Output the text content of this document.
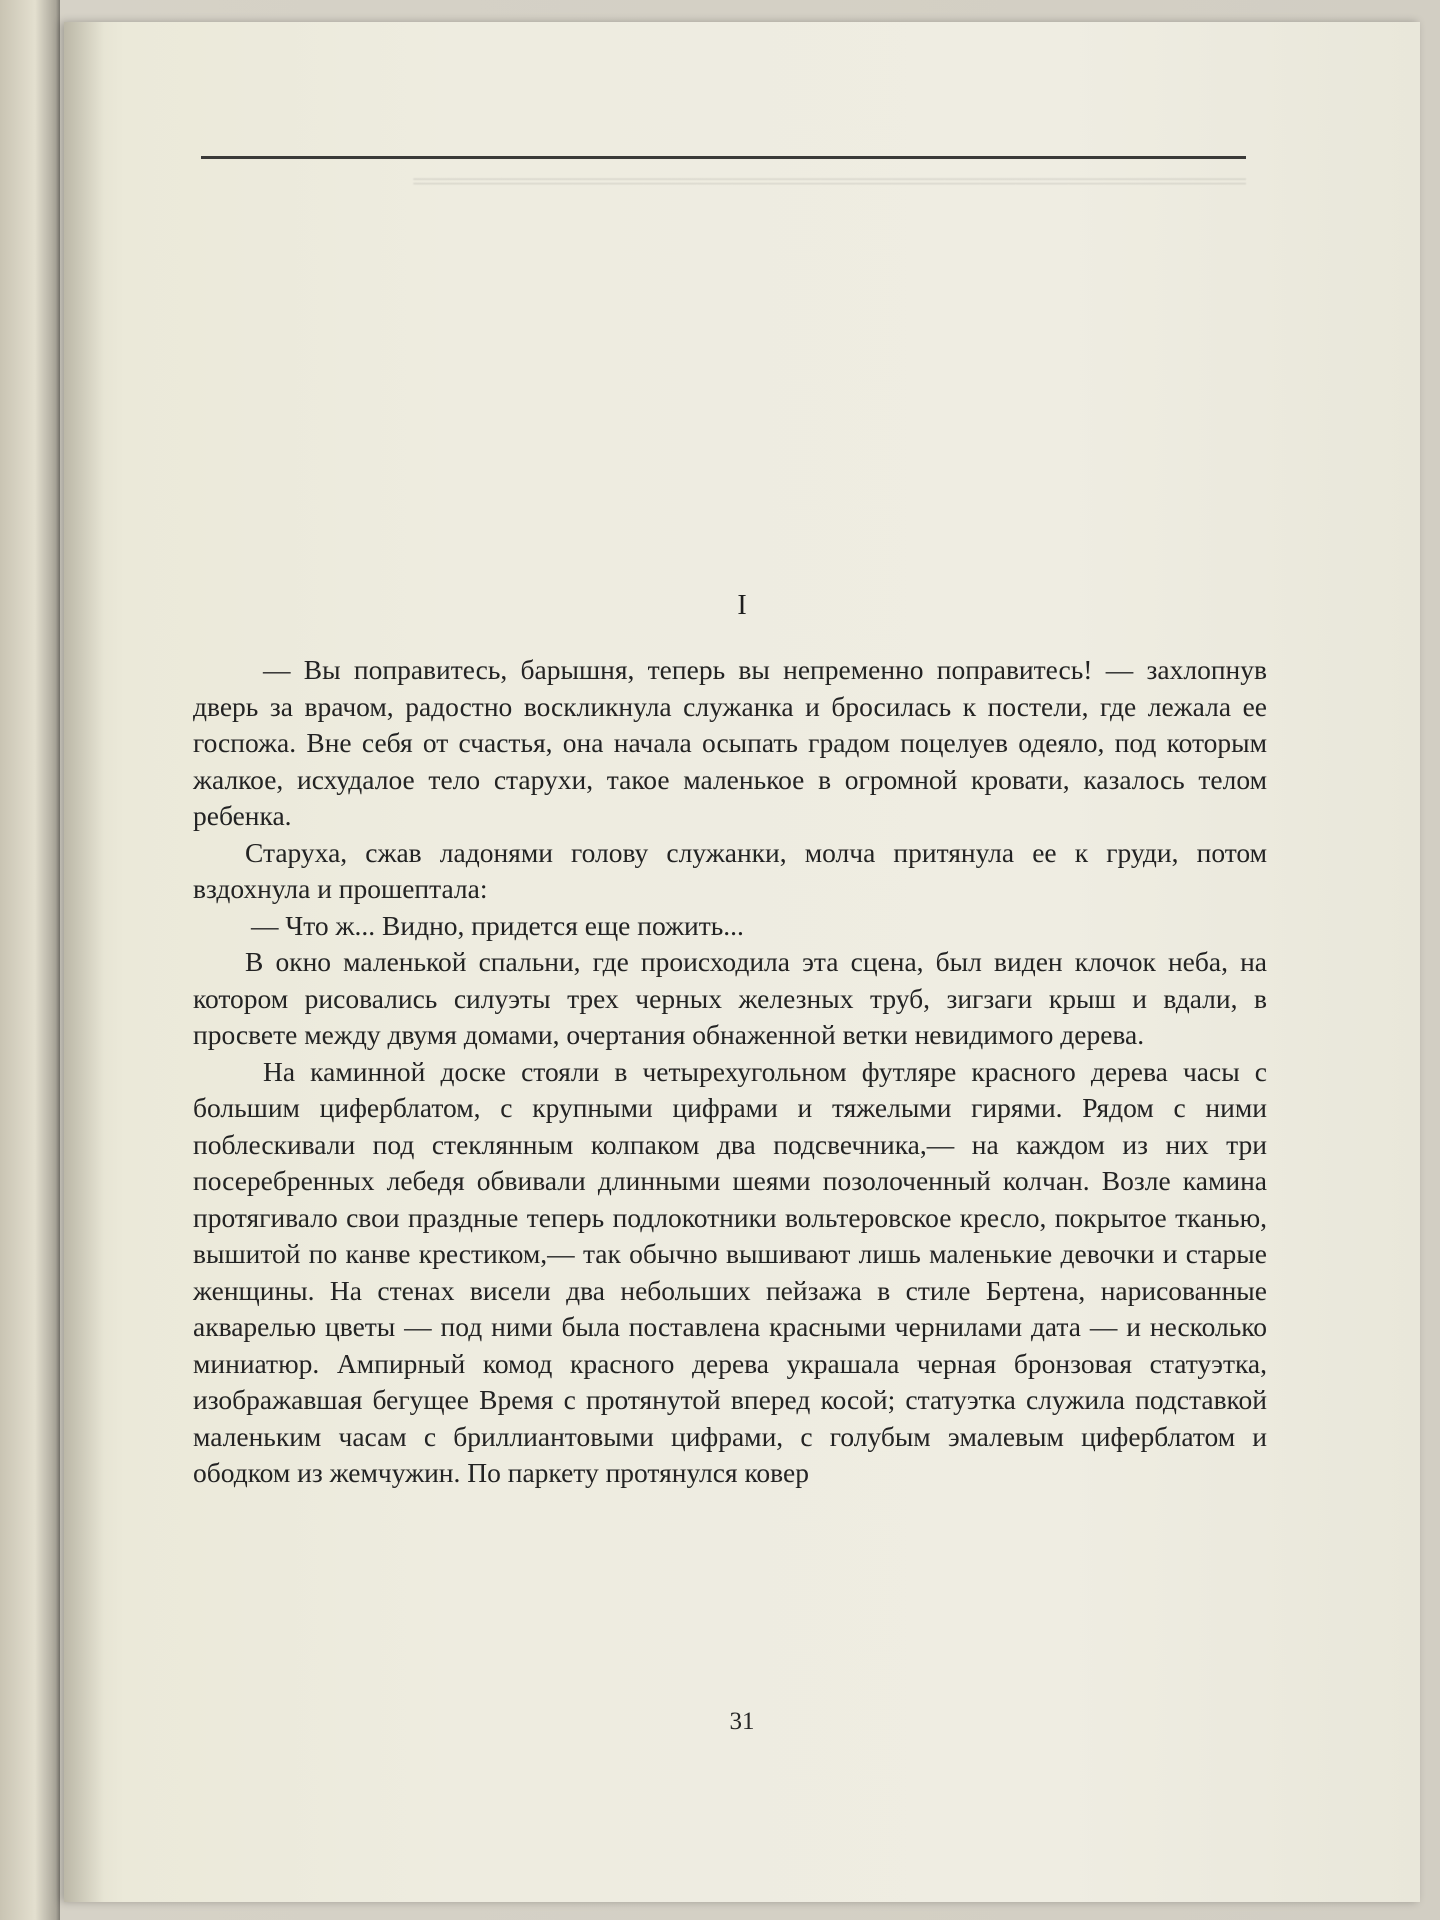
═══════════════════════════════════════════════

I

— Вы поправитесь, барышня, теперь вы непременно поправитесь! — захлопнув дверь за врачом, радостно воскликнула служанка и бросилась к постели, где лежала ее госпожа. Вне себя от счастья, она начала осыпать градом поцелуев одеяло, под которым жалкое, исхудалое тело старухи, такое маленькое в огромной кровати, казалось телом ребенка.

Старуха, сжав ладонями голову служанки, молча притянула ее к груди, потом вздохнула и прошептала:

— Что ж... Видно, придется еще пожить...

В окно маленькой спальни, где происходила эта сцена, был виден клочок неба, на котором рисовались силуэты трех черных железных труб, зигзаги крыш и вдали, в просвете между двумя домами, очертания обнаженной ветки невидимого дерева.

На каминной доске стояли в четырехугольном футляре красного дерева часы с большим циферблатом, с крупными цифрами и тяжелыми гирями. Рядом с ними поблескивали под стеклянным колпаком два подсвечника,— на каждом из них три посеребренных лебедя обвивали длинными шеями позолоченный колчан. Возле камина протягивало свои праздные теперь подлокотники вольтеровское кресло, покрытое тканью, вышитой по канве крестиком,— так обычно вышивают лишь маленькие девочки и старые женщины. На стенах висели два небольших пейзажа в стиле Бертена, нарисованные акварелью цветы — под ними была поставлена красными чернилами дата — и несколько миниатюр. Ампирный комод красного дерева украшала черная бронзовая статуэтка, изображавшая бегущее Время с протянутой вперед косой; статуэтка служила подставкой маленьким часам с бриллиантовыми цифрами, с голубым эмалевым циферблатом и ободком из жемчужин. По паркету протянулся ковер

31
